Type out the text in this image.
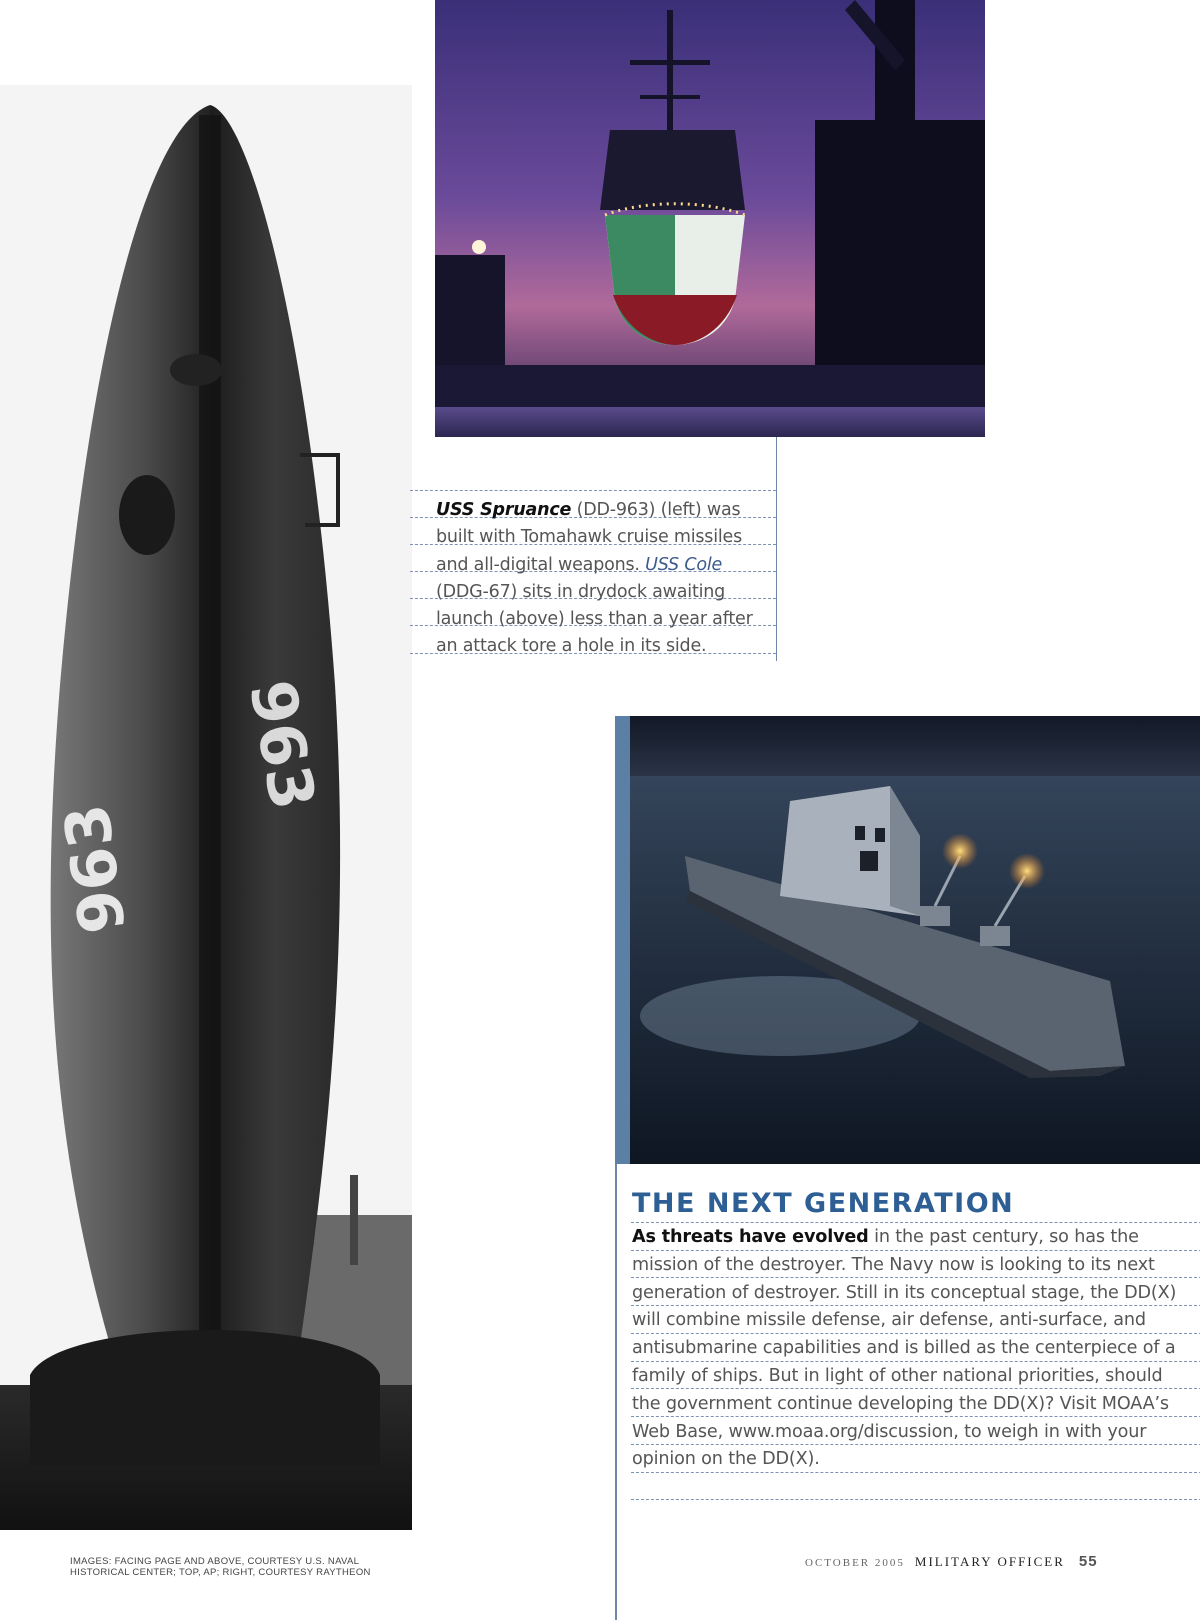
963
963
USS Spruance (DD-963) (left) was built with Tomahawk cruise missiles and all-digital weapons. USS Cole (DDG-67) sits in drydock awaiting launch (above) less than a year after an attack tore a hole in its side.
THE NEXT GENERATION
As threats have evolved in the past century, so has the mission of the destroyer. The Navy now is looking to its next generation of destroyer. Still in its conceptual stage, the DD(X) will combine missile defense, air defense, anti-surface, and antisubmarine capabilities and is billed as the centerpiece of a family of ships. But in light of other national priorities, should the government continue developing the DD(X)? Visit MOAA’s Web Base, www.moaa.org/discussion, to weigh in with your opinion on the DD(X).
IMAGES: FACING PAGE AND ABOVE, COURTESY U.S. NAVAL
HISTORICAL CENTER; TOP, AP; RIGHT, COURTESY RAYTHEON
OCTOBER 2005 MILITARY OFFICER 55
